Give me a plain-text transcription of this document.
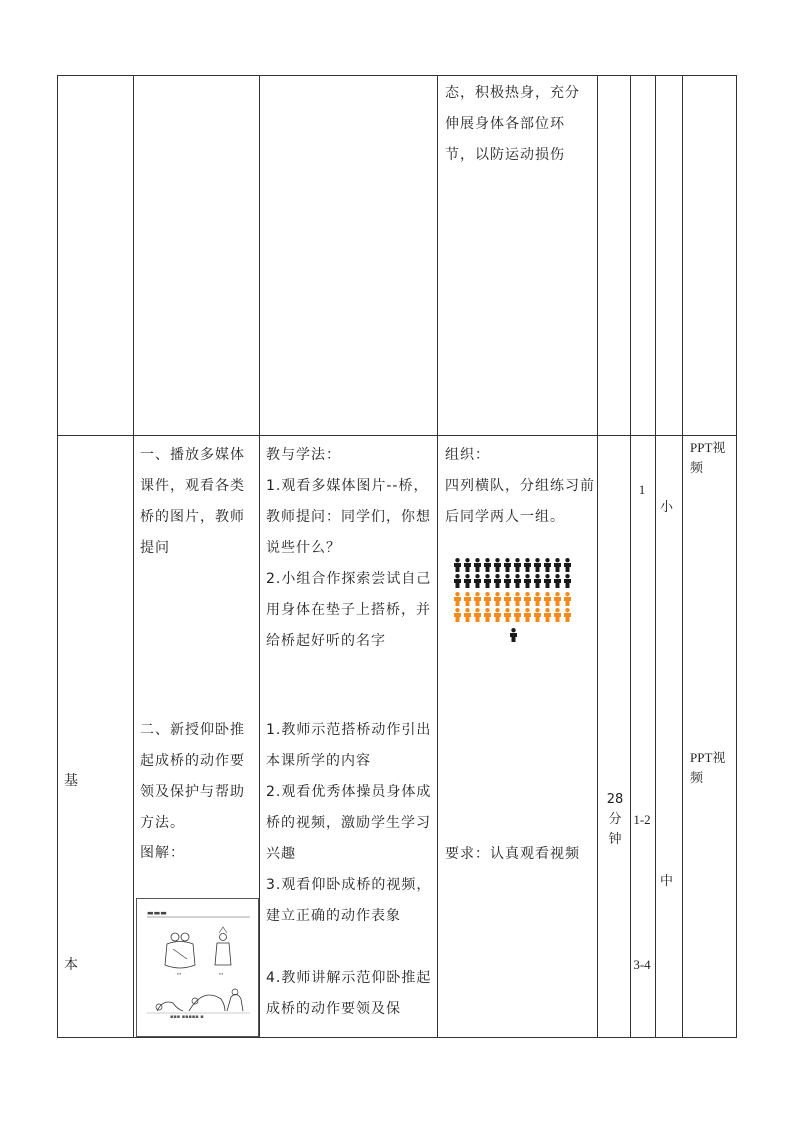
态，积极热身，充分伸展身体各部位环节，以防运动损伤
基
本
一、播放多媒体课件，观看各类桥的图片，教师提问
二、新授仰卧推起成桥的动作要领及保护与帮助方法。
图解：
▬▬▬
▪▪▪	▪▪▪
▪▪▪ ▪▪▪▪▪ ▪
教与学法：
1.观看多媒体图片--桥，教师提问：同学们，你想说些什么？
2.小组合作探索尝试自己用身体在垫子上搭桥，并给桥起好听的名字
1.教师示范搭桥动作引出本课所学的内容
2.观看优秀体操员身体成桥的视频，激励学生学习兴趣
3.观看仰卧成桥的视频，建立正确的动作表象
4.教师讲解示范仰卧推起成桥的动作要领及保
组织：
四列横队，分组练习前后同学两人一组。
要求：认真观看视频
28分钟
1
1-2
3-4
小
中
PPT视频
PPT视频
